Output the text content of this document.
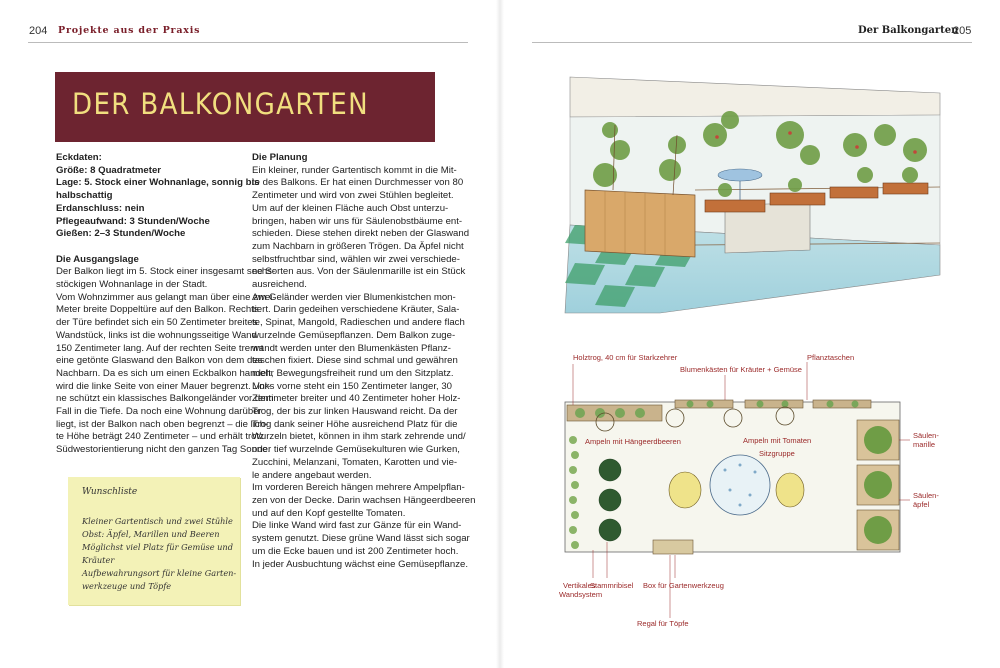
204 Projekte aus der Praxis
DER BALKONGARTEN
Eckdaten:
Größe: 8 Quadratmeter
Lage: 5. Stock einer Wohnanlage, sonnig bis
halbschattig
Erdanschluss: nein
Pflegeaufwand: 3 Stunden/Woche
Gießen: 2–3 Stunden/Woche
Die Ausgangslage
Der Balkon liegt im 5. Stock einer insgesamt sechs-
stöckigen Wohnanlage in der Stadt.
Vom Wohnzimmer aus gelangt man über eine zwei
Meter breite Doppeltüre auf den Balkon. Rechts
der Türe befindet sich ein 50 Zentimeter breites
Wandstück, links ist die wohnungsseitige Wand
150 Zentimeter lang. Auf der rechten Seite trennt
eine getönte Glaswand den Balkon von dem des
Nachbarn. Da es sich um einen Eckbalkon handelt,
wird die linke Seite von einer Mauer begrenzt. Vor-
ne schützt ein klassisches Balkongeländer vor dem
Fall in die Tiefe. Da noch eine Wohnung darüber
liegt, ist der Balkon nach oben begrenzt – die lich-
te Höhe beträgt 240 Zentimeter – und erhält trotz
Südwestorientierung nicht den ganzen Tag Sonne.
Wunschliste
Kleiner Gartentisch und zwei Stühle
Obst: Äpfel, Marillen und Beeren
Möglichst viel Platz für Gemüse und
Kräuter
Aufbewahrungsort für kleine Garten-
werkzeuge und Töpfe
Die Planung
Ein kleiner, runder Gartentisch kommt in die Mit-
te des Balkons. Er hat einen Durchmesser von 80
Zentimeter und wird von zwei Stühlen begleitet.
Um auf der kleinen Fläche auch Obst unterzu-
bringen, haben wir uns für Säulenobstbäume ent-
schieden. Diese stehen direkt neben der Glaswand
zum Nachbarn in größeren Trögen. Da Äpfel nicht
selbstfruchtbar sind, wählen wir zwei verschiede-
ne Sorten aus. Von der Säulenmarille ist ein Stück
ausreichend.
Am Geländer werden vier Blumenkistchen mon-
tiert. Darin gedeihen verschiedene Kräuter, Sala-
te, Spinat, Mangold, Radieschen und andere flach
wurzelnde Gemüsepflanzen. Dem Balkon zuge-
wandt werden unter den Blumenkästen Pflanz-
taschen fixiert. Diese sind schmal und gewähren
mehr Bewegungsfreiheit rund um den Sitzplatz.
Links vorne steht ein 150 Zentimeter langer, 30
Zentimeter breiter und 40 Zentimeter hoher Holz-
Trog, der bis zur linken Hauswand reicht. Da der
Trog dank seiner Höhe ausreichend Platz für die
Wurzeln bietet, können in ihm stark zehrende und/
oder tief wurzelnde Gemüsekulturen wie Gurken,
Zucchini, Melanzani, Tomaten, Karotten und vie-
le andere angebaut werden.
Im vorderen Bereich hängen mehrere Ampelpflan-
zen von der Decke. Darin wachsen Hängeerdbeeren
und auf den Kopf gestellte Tomaten.
Die linke Wand wird fast zur Gänze für ein Wand-
system genutzt. Diese grüne Wand lässt sich sogar
um die Ecke bauen und ist 200 Zentimeter hoch.
In jeder Ausbuchtung wächst eine Gemüsepflanze.
Der Balkongarten
205
Holztrog, 40 cm für Starkzehrer
Blumenkästen für Kräuter + Gemüse
Pflanztaschen
Ampeln mit Hängeerdbeeren	Ampeln mit Tomaten
Sitzgruppe
Säulen-
marille
Säulen-
äpfel
Vertikales
Wandsystem
Stammribisel Box für Gartenwerkzeug
Regal für Töpfe
